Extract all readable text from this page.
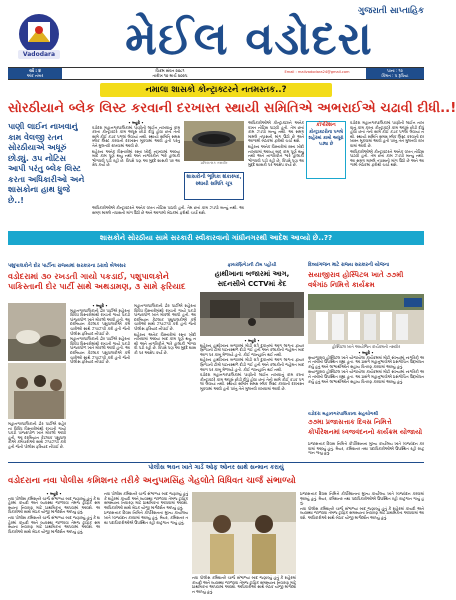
Vadodara
ગુજરાતી સાપ્તાહિક
મેઈલ વડોદરા
વર્ષ : ૪
અંક નંબર
વિક્રમ સંવત ૨૦૮૧
તારીખ ૧૦ માર્ચ ૨૦૨૫
Email : mailvadodara24@gmail.com	પાના : ૧૨
કિંમત : ૫ રૂપિયા
નમાલા શાસકો કોન્ટ્રાક્ટરને નતમસ્તક..?
સોરઠીયાને બ્લેક લિસ્ટ કરવાની દરખાસ્ત સ્થાયી સમિતિએ અભરાઈએ ચઢાવી દીધી..!
પાણી લાઈન નાખવાનું કામ વેલજી રતન સોરઠીયાએ અધૂરું છોડ્યું. ૩૫ નોટિસ આપી પરંતુ બ્લેક લિસ્ટ કરતા અધિકારીઓ અને શાસકોના હાથ ધ્રુજે છે..!
• બ્યૂરો •

વડોદરા મહાનગરપાલિકામાં પાણીની લાઈન નાખવાનું કામ કરતા કોન્ટ્રાક્ટરે કામ અધૂરું છોડી દીધું હોવા છતાં તેની સામે કોઈ કડક પગલાં લેવાયાં નથી. સ્થાયી સમિતિ સમક્ષ બ્લેક લિસ્ટ કરવાની દરખાસ્ત મૂકવામાં આવી હતી પરંતુ તેને મુલતવી રાખવામાં આવી છે.

શહેરના અનેક વિસ્તારોમાં રસ્તા ખોદી નાખવામાં આવ્યા બાદ કામ પૂર્ણ થયું નથી અને નાગરિકોને ભારે હાલાકી ભોગવવી પડી રહી છે. વિપક્ષે પણ આ મુદ્દે શાસકો પર આક્ષેપ કર્યા છે.	પ્રતિકાત્મક તસવીર
શાસકોની ભૂમિકા શંકાસ્પદ, સ્થાયી સમિતિ ચૂપ

અધિકારીઓએ કોન્ટ્રાક્ટરને અનેક વખત નોટિસ પાઠવી હતી. તેમ છતાં કામ ઝડપી બન્યું નથી. આ સમગ્ર મામલે તપાસની માંગ ઉઠી છે અને આગામી બેઠકમાં ફરીથી ચર્ચા થશે.

શહેરના અનેક વિસ્તારોમાં રસ્તા ખોદી નાખવામાં આવ્યા બાદ કામ પૂર્ણ થયું નથી અને નાગરિકોને ભારે હાલાકી ભોગવવી પડી રહી છે. વિપક્ષે પણ આ મુદ્દે શાસકો પર આક્ષેપ કર્યા છે.

કોર્પોરેશન
કોન્ટ્રાક્ટરોના પગલે શહેરમાં કામો અધૂરાં પડ્યા છે

વડોદરા મહાનગરપાલિકામાં પાણીની લાઈન નાખવાનું કામ કરતા કોન્ટ્રાક્ટરે કામ અધૂરું છોડી દીધું હોવા છતાં તેની સામે કોઈ કડક પગલાં લેવાયાં નથી. સ્થાયી સમિતિ સમક્ષ બ્લેક લિસ્ટ કરવાની દરખાસ્ત મૂકવામાં આવી હતી પરંતુ તેને મુલતવી રાખવામાં આવી છે.

અધિકારીઓએ કોન્ટ્રાક્ટરને અનેક વખત નોટિસ પાઠવી હતી. તેમ છતાં કામ ઝડપી બન્યું નથી. આ સમગ્ર મામલે તપાસની માંગ ઉઠી છે અને આગામી બેઠકમાં ફરીથી ચર્ચા થશે.

શાસકોને સોરઠીયા સામે સરકારી સ્વીકારવાનો ગાંધીનગરથી આદેશ આવ્યો છે..??

અધિકારીઓએ કોન્ટ્રાક્ટરને અનેક વખત નોટિસ પાઠવી હતી. તેમ છતાં કામ ઝડપી બન્યું નથી. આ સમગ્ર મામલે તપાસની માંગ ઉઠી છે અને આગામી બેઠકમાં ફરીથી ચર્ચા થશે.

પશુપાલકોને દોર પાર્ટીના રાજ્યમાં સરકારના ઠરાવો બેઅસર
વડોદરામાં ૩૦ રખડતી ગાયો પકડાઈ, પશુપાલકોને પાકિસ્તાની દોર પાર્ટી સાથે અથડામણ, ૩ સામે ફરિયાદ
• બ્યૂરો •

મહાનગરપાલિકાની ઢોર પાર્ટીએ શહેરના વિવિધ વિસ્તારોમાંથી રખડતી ગાયો પકડી પાંજરાપોળ ખાતે મોકલી આપી હતી. આ દરમિયાન કેટલાક પશુપાલકોએ કર્મચારીઓ સાથે ઝપાઝપી કરી હતી જેની પોલીસ ફરિયાદ નોંધાઈ છે.

મહાનગરપાલિકાની ઢોર પાર્ટીએ શહેરના વિવિધ વિસ્તારોમાંથી રખડતી ગાયો પકડી પાંજરાપોળ ખાતે મોકલી આપી હતી. આ દરમિયાન કેટલાક પશુપાલકોએ કર્મચારીઓ સાથે ઝપાઝપી કરી હતી જેની પોલીસ ફરિયાદ નોંધાઈ છે.

મહાનગરપાલિકાની ઢોર પાર્ટીએ શહેરના વિવિધ વિસ્તારોમાંથી રખડતી ગાયો પકડી પાંજરાપોળ ખાતે મોકલી આપી હતી. આ દરમિયાન કેટલાક પશુપાલકોએ કર્મચારીઓ સાથે ઝપાઝપી કરી હતી જેની પોલીસ ફરિયાદ નોંધાઈ છે.

શહેરના અનેક વિસ્તારોમાં રસ્તા ખોદી નાખવામાં આવ્યા બાદ કામ પૂર્ણ થયું નથી અને નાગરિકોને ભારે હાલાકી ભોગવવી પડી રહી છે. વિપક્ષે પણ આ મુદ્દે શાસકો પર આક્ષેપ કર્યા છે.

મહાનગરપાલિકાની ઢોર પાર્ટીએ શહેરના વિવિધ વિસ્તારોમાંથી રખડતી ગાયો પકડી પાંજરાપોળ ખાતે મોકલી આપી હતી. આ દરમિયાન કેટલાક પશુપાલકોએ કર્મચારીઓ સાથે ઝપાઝપી કરી હતી જેની પોલીસ ફરિયાદ નોંધાઈ છે.

ફાયરબ્રિગેડની ટીમ પહોંચી
હાથીખાના બજારમાં આગ, સદનસીબે CCTVમાં કેદ
• બ્યૂરો •

શહેરના હાથીખાના બજારમાં મોડી રાત્રે દુકાનમાં આગ લાગતા ફાયર બ્રિગેડની ટીમો ઘટનાસ્થળે દોડી ગઈ હતી અને કલાકોની જહેમત બાદ આગ પર કાબૂ મેળવ્યો હતો. કોઈ જાનહાનિ થઈ નથી.

શહેરના હાથીખાના બજારમાં મોડી રાત્રે દુકાનમાં આગ લાગતા ફાયર બ્રિગેડની ટીમો ઘટનાસ્થળે દોડી ગઈ હતી અને કલાકોની જહેમત બાદ આગ પર કાબૂ મેળવ્યો હતો. કોઈ જાનહાનિ થઈ નથી.

વડોદરા મહાનગરપાલિકામાં પાણીની લાઈન નાખવાનું કામ કરતા કોન્ટ્રાક્ટરે કામ અધૂરું છોડી દીધું હોવા છતાં તેની સામે કોઈ કડક પગલાં લેવાયાં નથી. સ્થાયી સમિતિ સમક્ષ બ્લેક લિસ્ટ કરવાની દરખાસ્ત મૂકવામાં આવી હતી પરંતુ તેને મુલતવી રાખવામાં આવી છે.

દિવ્યાંગજન માટે રાજ્ય સરકારની યોજના
સયાજીરાવ હોસ્પિટલ ખાતે ૭૭મી વર્ષગાંઠ નિમિત્તે કાર્યક્રમ
હોસ્પિટલ ખાતે આયોજિત કાર્યક્રમની તસવીર
• બ્યૂરો •

સયાજીરાવ હોસ્પિટલ ખાતે યોજાયેલા કાર્યક્રમમાં મોટી સંખ્યામાં નાગરિકો અને તબીબો ઉપસ્થિત રહ્યા હતા. આ પ્રસંગે મહાનુભાવોએ પ્રસંગોચિત ઉદ્બોધન કર્યું હતું અને લાભાર્થીઓને સહાય વિતરણ કરવામાં આવ્યું હતું.

સયાજીરાવ હોસ્પિટલ ખાતે યોજાયેલા કાર્યક્રમમાં મોટી સંખ્યામાં નાગરિકો અને તબીબો ઉપસ્થિત રહ્યા હતા. આ પ્રસંગે મહાનુભાવોએ પ્રસંગોચિત ઉદ્બોધન કર્યું હતું અને લાભાર્થીઓને સહાય વિતરણ કરવામાં આવ્યું હતું.

વડોદરા મહાનગરપાલિકાના સહયોગથી
૭૭મા પ્રજાસત્તાક દિવસ નિમિત્તે કોર્પોરેશનમાં ધ્વજવંદનનો કાર્યક્રમ યોજાયો

પ્રજાસત્તાક દિવસ નિમિત્તે કોર્પોરેશનના મુખ્ય કાર્યાલય ખાતે ધ્વજવંદન કરવામાં આવ્યું હતું. મેયર, કમિશનર તથા પદાધિકારીઓએ ઉપસ્થિત રહી રાષ્ટ્રગાન ગાયું હતું.

પોલીસ ભવન ખાતે ગાર્ડ ઓફ ઓનર સાથે સન્માન કરાયું
વડોદરાના નવા પોલીસ કમિશનર તરીકે અનુપમસિંહ ગેહલોતે વિધિવત ચાર્જ સંભાળ્યો
• બ્યૂરો •

નવા પોલીસ કમિશનરે ચાર્જ સંભાળ્યા બાદ જણાવ્યું હતું કે શહેરમાં કાયદો અને વ્યવસ્થા જાળવવા તેમજ ટ્રાફિક સમસ્યાના નિવારણ માટે પ્રાથમિકતા આપવામાં આવશે. અધિકારીઓ સાથે બેઠક યોજી માર્ગદર્શન આપ્યું હતું.

નવા પોલીસ કમિશનરે ચાર્જ સંભાળ્યા બાદ જણાવ્યું હતું કે શહેરમાં કાયદો અને વ્યવસ્થા જાળવવા તેમજ ટ્રાફિક સમસ્યાના નિવારણ માટે પ્રાથમિકતા આપવામાં આવશે. અધિકારીઓ સાથે બેઠક યોજી માર્ગદર્શન આપ્યું હતું.

નવા પોલીસ કમિશનરે ચાર્જ સંભાળ્યા બાદ જણાવ્યું હતું કે શહેરમાં કાયદો અને વ્યવસ્થા જાળવવા તેમજ ટ્રાફિક સમસ્યાના નિવારણ માટે પ્રાથમિકતા આપવામાં આવશે. અધિકારીઓ સાથે બેઠક યોજી માર્ગદર્શન આપ્યું હતું.

પ્રજાસત્તાક દિવસ નિમિત્તે કોર્પોરેશનના મુખ્ય કાર્યાલય ખાતે ધ્વજવંદન કરવામાં આવ્યું હતું. મેયર, કમિશનર તથા પદાધિકારીઓએ ઉપસ્થિત રહી રાષ્ટ્રગાન ગાયું હતું.

નવા પોલીસ કમિશનરે ચાર્જ સંભાળ્યા બાદ જણાવ્યું હતું કે શહેરમાં કાયદો અને વ્યવસ્થા જાળવવા તેમજ ટ્રાફિક સમસ્યાના નિવારણ માટે પ્રાથમિકતા આપવામાં આવશે. અધિકારીઓ સાથે બેઠક યોજી માર્ગદર્શન આપ્યું હતું.

પ્રજાસત્તાક દિવસ નિમિત્તે કોર્પોરેશનના મુખ્ય કાર્યાલય ખાતે ધ્વજવંદન કરવામાં આવ્યું હતું. મેયર, કમિશનર તથા પદાધિકારીઓએ ઉપસ્થિત રહી રાષ્ટ્રગાન ગાયું હતું.

નવા પોલીસ કમિશનરે ચાર્જ સંભાળ્યા બાદ જણાવ્યું હતું કે શહેરમાં કાયદો અને વ્યવસ્થા જાળવવા તેમજ ટ્રાફિક સમસ્યાના નિવારણ માટે પ્રાથમિકતા આપવામાં આવશે. અધિકારીઓ સાથે બેઠક યોજી માર્ગદર્શન આપ્યું હતું.
